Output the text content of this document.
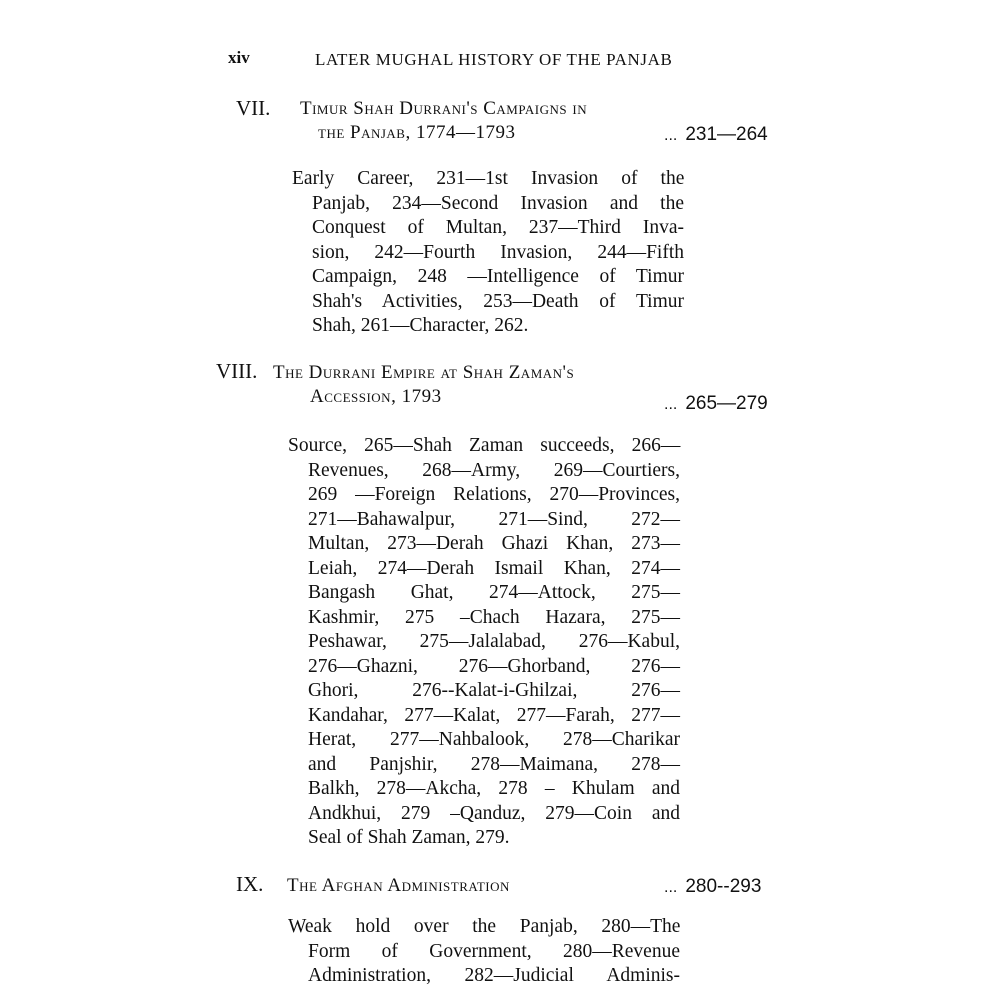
xiv	LATER MUGHAL HISTORY OF THE PANJAB
VII. Timur Shah Durrani's Campaigns in
the Panjab, 1774—1793	... 231—264
Early Career, 231—1st Invasion of the
Panjab, 234—Second Invasion and the
Conquest of Multan, 237—Third Inva-
sion, 242—Fourth Invasion, 244—Fifth
Campaign, 248 —Intelligence of Timur
Shah's Activities, 253—Death of Timur
Shah, 261—Character, 262.
VIII. The Durrani Empire at Shah Zaman's
Accession, 1793	... 265—279
Source, 265—Shah Zaman succeeds, 266—
Revenues, 268—Army, 269—Courtiers,
269 —Foreign Relations, 270—Provinces,
271—Bahawalpur, 271—Sind, 272—
Multan, 273—Derah Ghazi Khan, 273—
Leiah, 274—Derah Ismail Khan, 274—
Bangash Ghat, 274—Attock, 275—
Kashmir, 275 –Chach Hazara, 275—
Peshawar, 275—Jalalabad, 276—Kabul,
276—Ghazni, 276—Ghorband, 276—
Ghori, 276--Kalat-i-Ghilzai, 276—
Kandahar, 277—Kalat, 277—Farah, 277—
Herat, 277—Nahbalook, 278—Charikar
and Panjshir, 278—Maimana, 278—
Balkh, 278—Akcha, 278 – Khulam and
Andkhui, 279 –Qanduz, 279—Coin and
Seal of Shah Zaman, 279.
IX. The Afghan Administration	... 280--293
Weak hold over the Panjab, 280—The
Form of Government, 280—Revenue
Administration, 282—Judicial Adminis-
